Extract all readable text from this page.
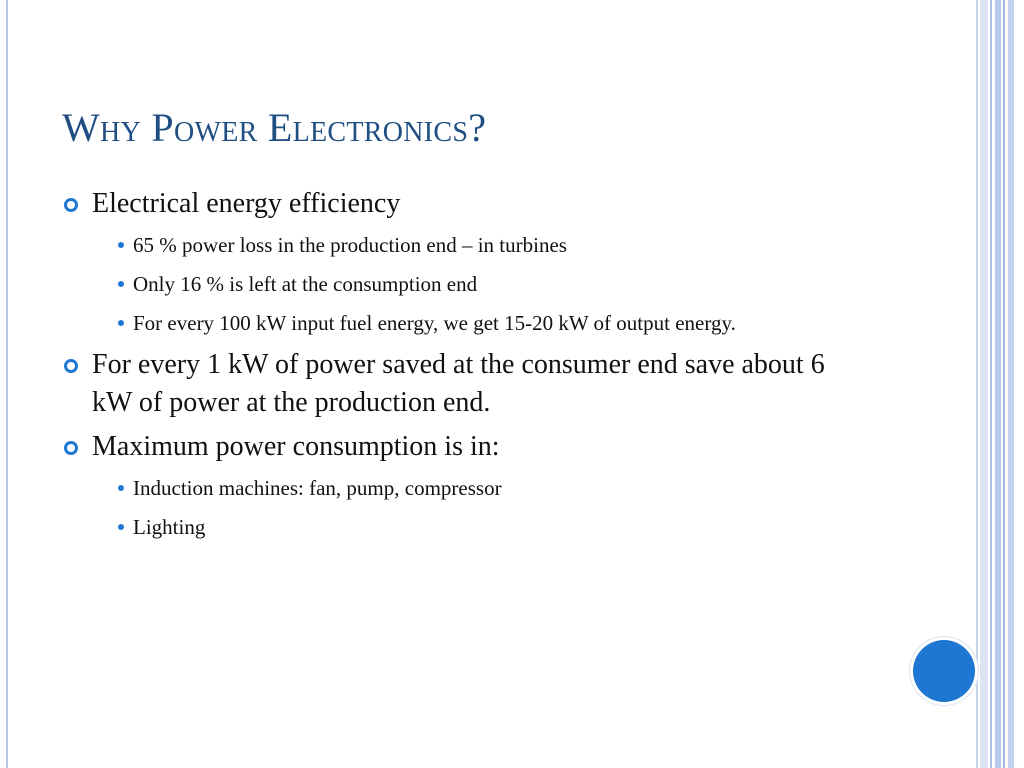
Why Power Electronics?
Electrical energy efficiency
65 % power loss in the production end – in turbines
Only 16 % is left at the consumption end
For every 100 kW input fuel energy, we get 15-20 kW of output energy.
For every 1 kW of power saved at the consumer end save about 6 kW of power at the production end.
Maximum power consumption is in:
Induction machines: fan, pump, compressor
Lighting
